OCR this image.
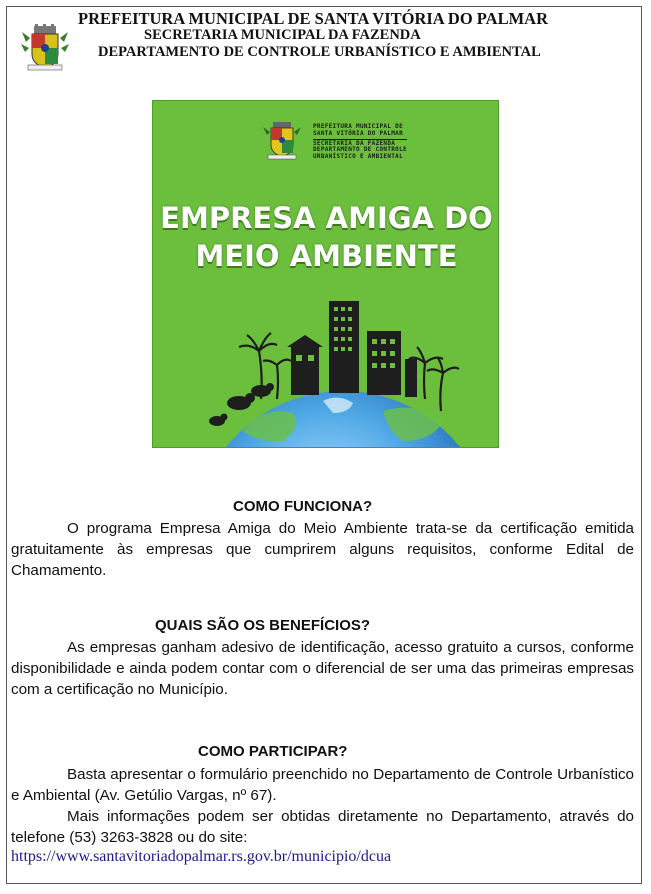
PREFEITURA MUNICIPAL DE SANTA VITÓRIA DO PALMAR
SECRETARIA MUNICIPAL DA FAZENDA
DEPARTAMENTO DE CONTROLE URBANÍSTICO E AMBIENTAL
PREFEITURA MUNICIPAL DE
SANTA VITÓRIA DO PALMAR
SECRETARIA DA FAZENDA
DEPARTAMENTO DE CONTROLE
URBANÍSTICO E AMBIENTAL
EMPRESA AMIGA DO
MEIO AMBIENTE
COMO FUNCIONA?

O programa Empresa Amiga do Meio Ambiente trata-se da certificação emitida gratuitamente às empresas que cumprirem alguns requisitos, conforme Edital de Chamamento.

QUAIS SÃO OS BENEFÍCIOS?

As empresas ganham adesivo de identificação, acesso gratuito a cursos, conforme disponibilidade e ainda podem contar com o diferencial de ser uma das primeiras empresas com a certificação no Município.

COMO PARTICIPAR?

Basta apresentar o formulário preenchido no Departamento de Controle Urbanístico e Ambiental (Av. Getúlio Vargas, nº 67).

Mais informações podem ser obtidas diretamente no Departamento, através do telefone (53) 3263-3828 ou do site:

https://www.santavitoriadopalmar.rs.gov.br/municipio/dcua
